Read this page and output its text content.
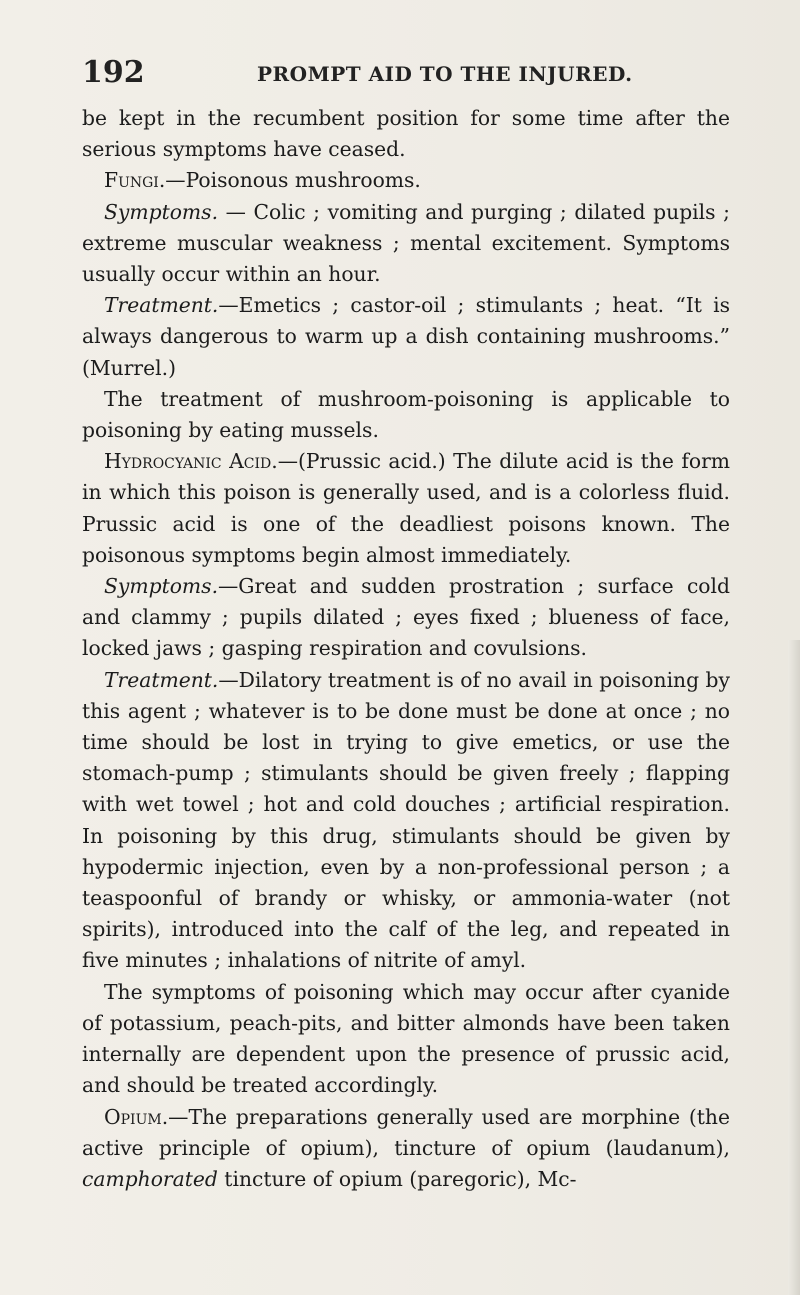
192	PROMPT AID TO THE INJURED.

be kept in the recumbent position for some time after the serious symptoms have ceased.

Fungi.—Poisonous mushrooms.

Symptoms. — Colic ; vomiting and purging ; dilated pupils ; extreme muscular weakness ; mental excitement. Symptoms usually occur within an hour.

Treatment.—Emetics ; castor-oil ; stimulants ; heat. “It is always dangerous to warm up a dish containing mushrooms.” (Murrel.)

The treatment of mushroom-poisoning is applicable to poisoning by eating mussels.

Hydrocyanic Acid.—(Prussic acid.) The dilute acid is the form in which this poison is generally used, and is a colorless fluid. Prussic acid is one of the deadliest poisons known. The poisonous symptoms begin almost immediately.

Symptoms.—Great and sudden prostration ; surface cold and clammy ; pupils dilated ; eyes fixed ; blueness of face, locked jaws ; gasping respiration and covulsions.

Treatment.—Dilatory treatment is of no avail in poisoning by this agent ; whatever is to be done must be done at once ; no time should be lost in trying to give emetics, or use the stomach-pump ; stimulants should be given freely ; flapping with wet towel ; hot and cold douches ; artificial respiration. In poisoning by this drug, stimulants should be given by hypodermic injection, even by a non-professional person ; a teaspoonful of brandy or whisky, or ammonia-water (not spirits), introduced into the calf of the leg, and repeated in five minutes ; inhalations of nitrite of amyl.

The symptoms of poisoning which may occur after cyanide of potassium, peach-pits, and bitter almonds have been taken internally are dependent upon the presence of prussic acid, and should be treated accordingly.

Opium.—The preparations generally used are morphine (the active principle of opium), tincture of opium (laudanum), camphorated tincture of opium (paregoric), Mc-
